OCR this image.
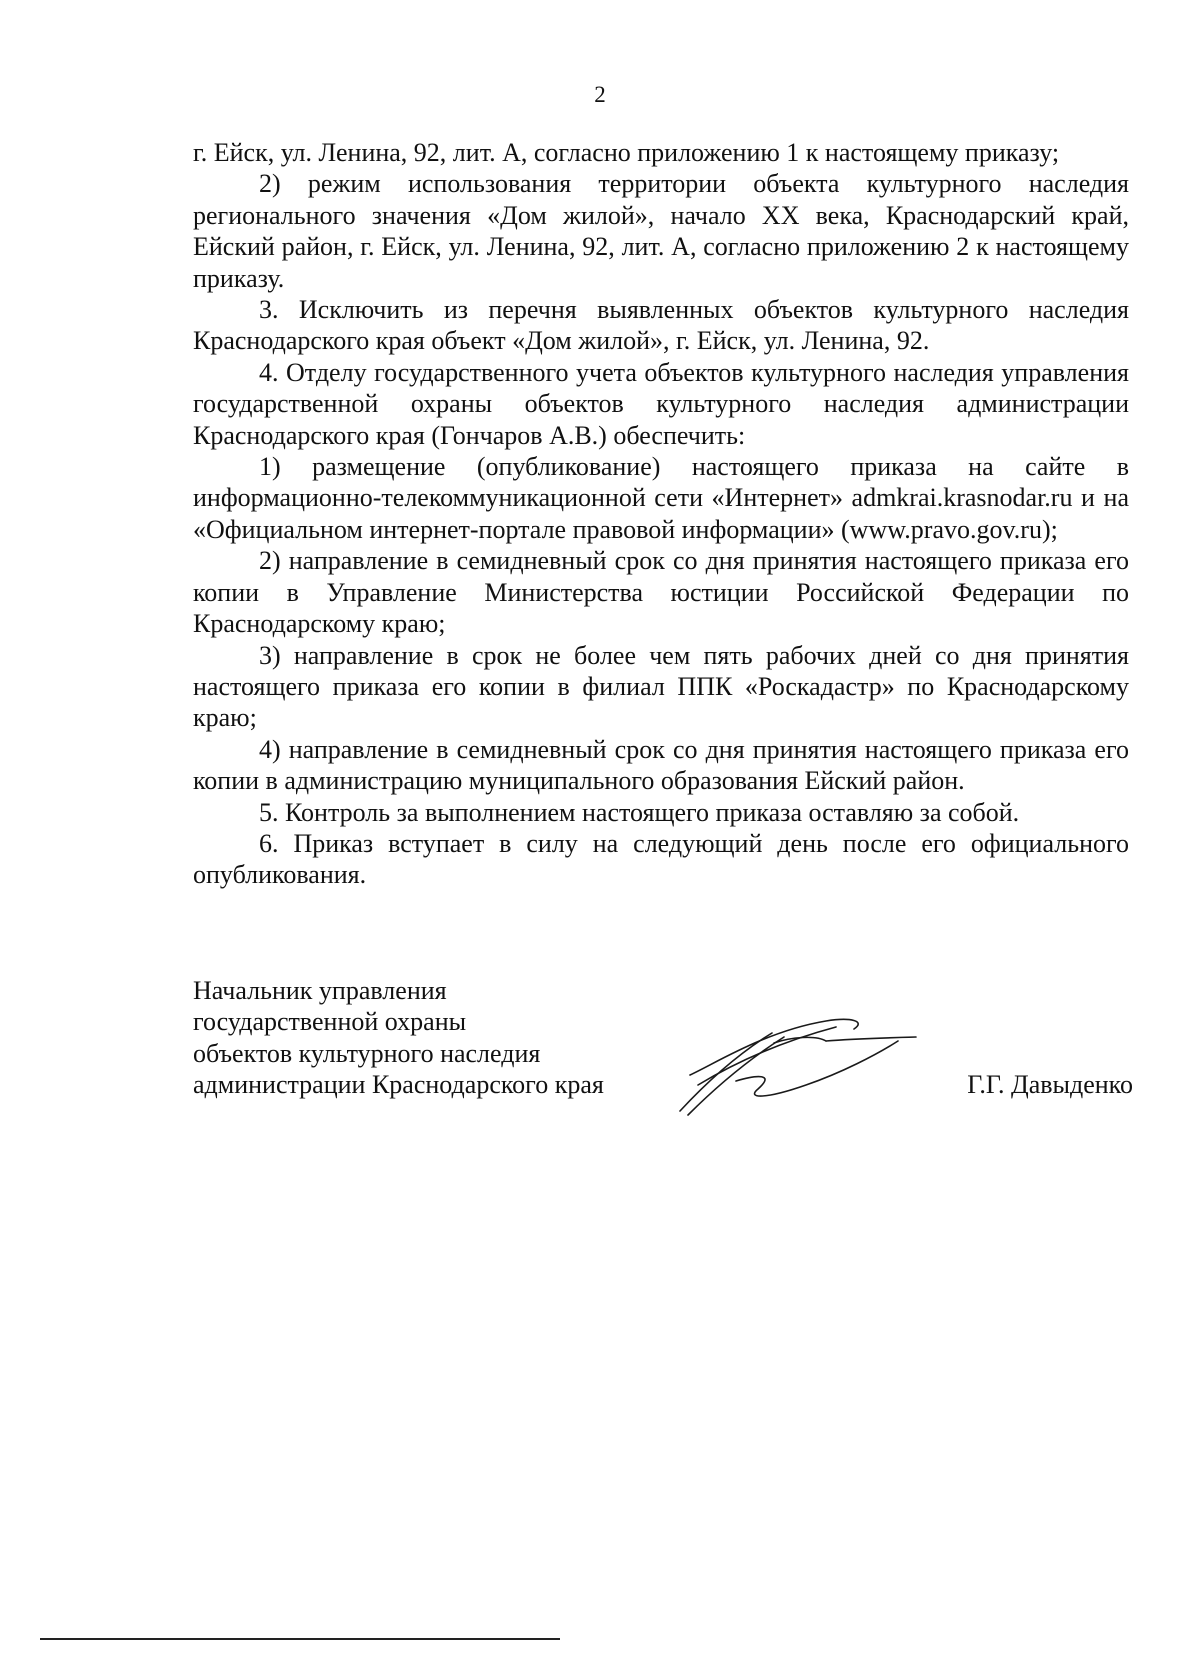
2

г. Ейск, ул. Ленина, 92, лит. А, согласно приложению 1 к настоящему приказу;

2) режим использования территории объекта культурного наследия регионального значения «Дом жилой», начало XX века, Краснодарский край, Ейский район, г. Ейск, ул. Ленина, 92, лит. А, согласно приложению 2 к настоящему приказу.

3. Исключить из перечня выявленных объектов культурного наследия Краснодарского края объект «Дом жилой», г. Ейск, ул. Ленина, 92.

4. Отделу государственного учета объектов культурного наследия управления государственной охраны объектов культурного наследия администрации Краснодарского края (Гончаров А.В.) обеспечить:

1) размещение (опубликование) настоящего приказа на сайте в информационно-телекоммуникационной сети «Интернет» admkrai.krasnodar.ru и на «Официальном интернет-портале правовой информации» (www.pravo.gov.ru);

2) направление в семидневный срок со дня принятия настоящего приказа его копии в Управление Министерства юстиции Российской Федерации по Краснодарскому краю;

3) направление в срок не более чем пять рабочих дней со дня принятия настоящего приказа его копии в филиал ППК «Роскадастр» по Краснодарскому краю;

4) направление в семидневный срок со дня принятия настоящего приказа его копии в администрацию муниципального образования Ейский район.

5. Контроль за выполнением настоящего приказа оставляю за собой.

6. Приказ вступает в силу на следующий день после его официального опубликования.

Начальник управления
государственной охраны
объектов культурного наследия
администрации Краснодарского края	Г.Г. Давыденко
